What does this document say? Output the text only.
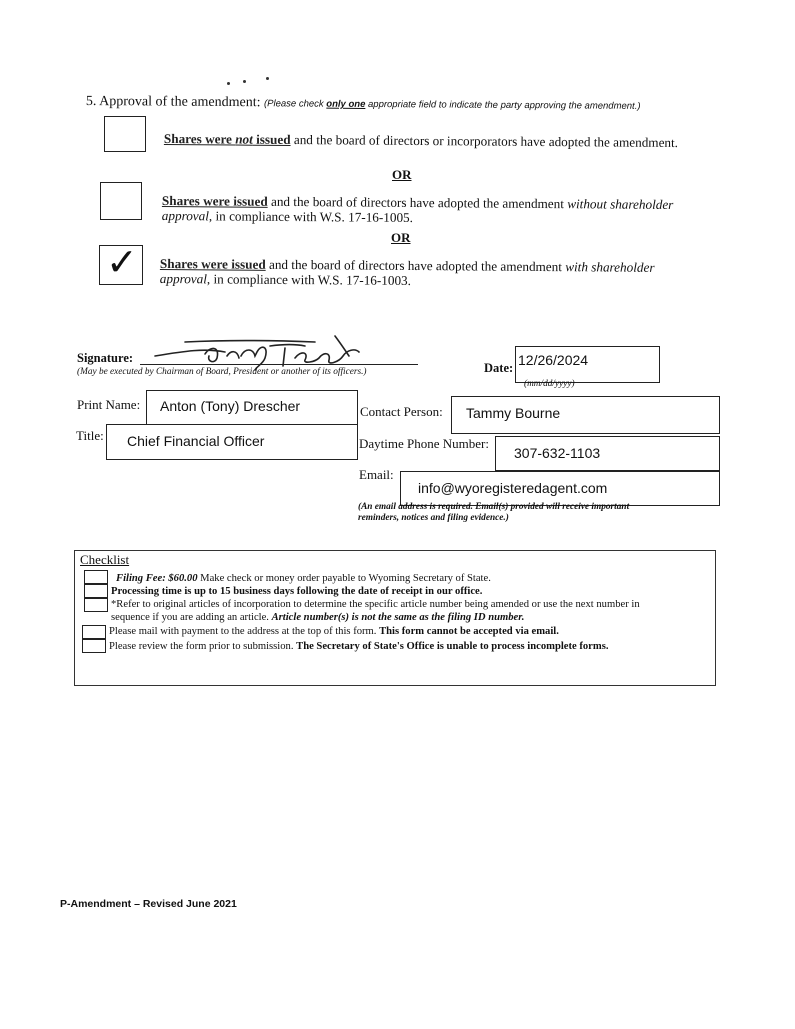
5. Approval of the amendment: (Please check only one appropriate field to indicate the party approving the amendment.)
Shares were not issued and the board of directors or incorporators have adopted the amendment.
OR
Shares were issued and the board of directors have adopted the amendment without shareholder
approval, in compliance with W.S. 17-16-1005.
OR
✓ Shares were issued and the board of directors have adopted the amendment with shareholder
approval, in compliance with W.S. 17-16-1003.
Signature:
(May be executed by Chairman of Board, President or another of its officers.)	Date: 12/26/2024
(mm/dd/yyyy)
Print Name: Anton (Tony) Drescher	Contact Person: Tammy Bourne
Title: Chief Financial Officer	Daytime Phone Number:
307-632-1103
Email:
info@wyoregisteredagent.com
(An email address is required. Email(s) provided will receive important
reminders, notices and filing evidence.)
Checklist
Filing Fee: $60.00 Make check or money order payable to Wyoming Secretary of State.
Processing time is up to 15 business days following the date of receipt in our office.
*Refer to original articles of incorporation to determine the specific article number being amended or use the next number in
sequence if you are adding an article. Article number(s) is not the same as the filing ID number.
Please mail with payment to the address at the top of this form. This form cannot be accepted via email.
Please review the form prior to submission. The Secretary of State's Office is unable to process incomplete forms.
P-Amendment – Revised June 2021
